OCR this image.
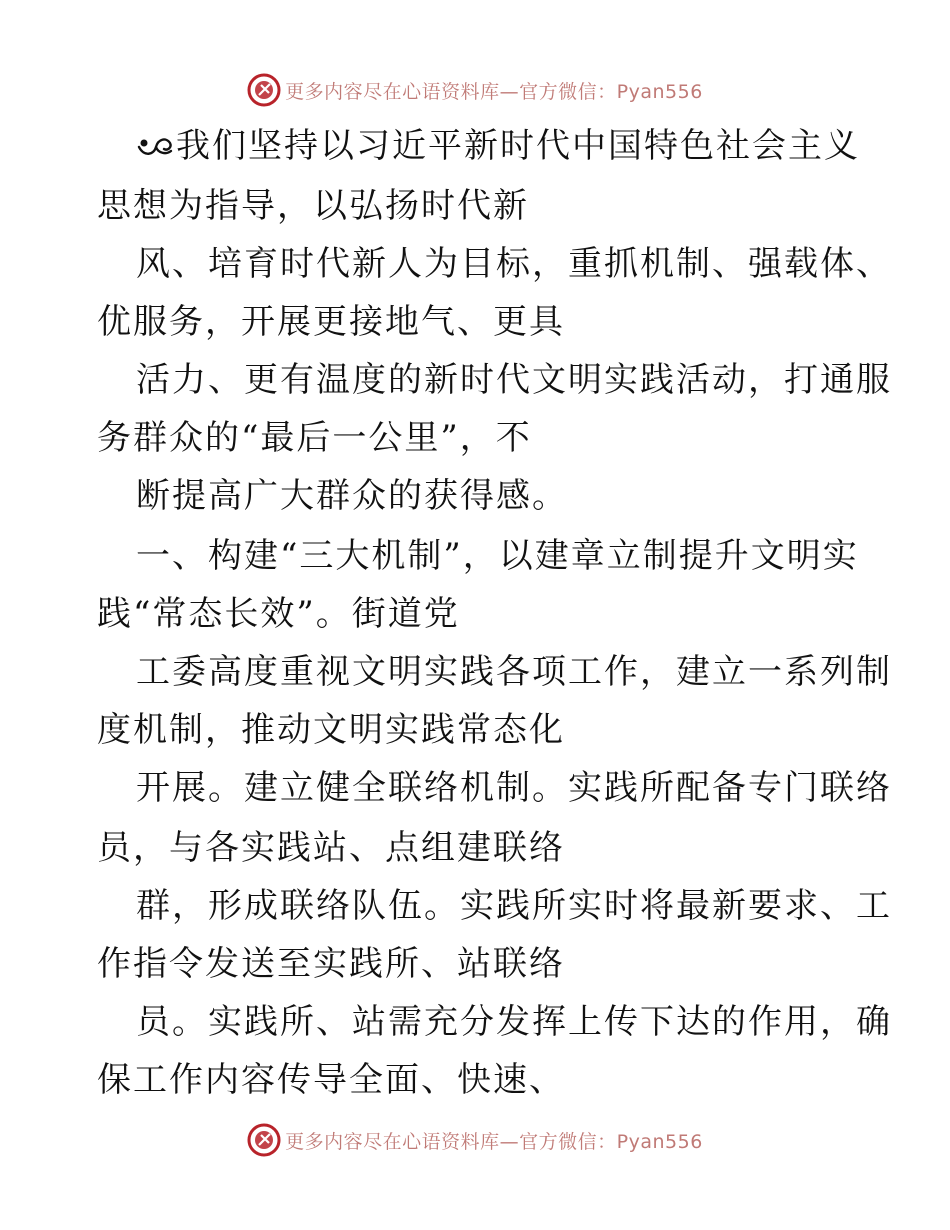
更多内容尽在心语资料库—官方微信：Pyan556
我们坚持以习近平新时代中国特色社会主义
思想为指导，以弘扬时代新
风、培育时代新人为目标，重抓机制、强载体、
优服务，开展更接地气、更具
活力、更有温度的新时代文明实践活动，打通服
务群众的“最后一公里”，不
断提高广大群众的获得感。
一、构建“三大机制”，以建章立制提升文明实
践“常态长效”。街道党
工委高度重视文明实践各项工作，建立一系列制
度机制，推动文明实践常态化
开展。建立健全联络机制。实践所配备专门联络
员，与各实践站、点组建联络
群，形成联络队伍。实践所实时将最新要求、工
作指令发送至实践所、站联络
员。实践所、站需充分发挥上传下达的作用，确
保工作内容传导全面、快速、
更多内容尽在心语资料库—官方微信：Pyan556
